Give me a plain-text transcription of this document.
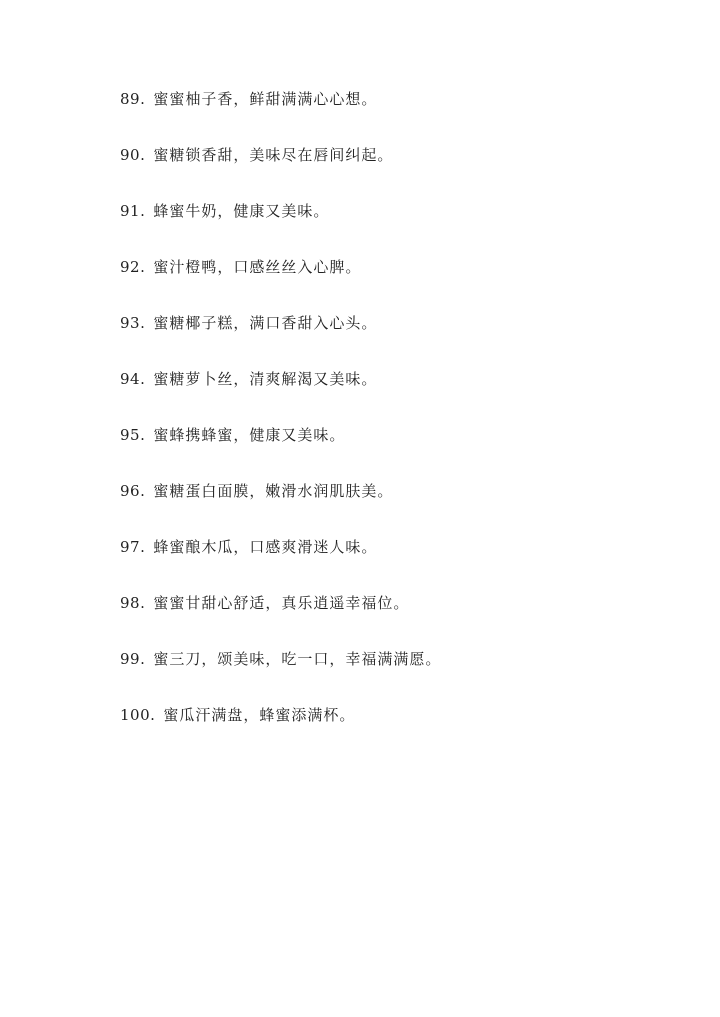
89. 蜜蜜柚子香，鲜甜满满心心想。
90. 蜜糖锁香甜，美味尽在唇间纠起。
91. 蜂蜜牛奶，健康又美味。
92. 蜜汁橙鸭，口感丝丝入心脾。
93. 蜜糖椰子糕，满口香甜入心头。
94. 蜜糖萝卜丝，清爽解渴又美味。
95. 蜜蜂携蜂蜜，健康又美味。
96. 蜜糖蛋白面膜，嫩滑水润肌肤美。
97. 蜂蜜酿木瓜，口感爽滑迷人味。
98. 蜜蜜甘甜心舒适，真乐逍遥幸福位。
99. 蜜三刀，颂美味，吃一口，幸福满满愿。
100. 蜜瓜汗满盘，蜂蜜添满杯。
